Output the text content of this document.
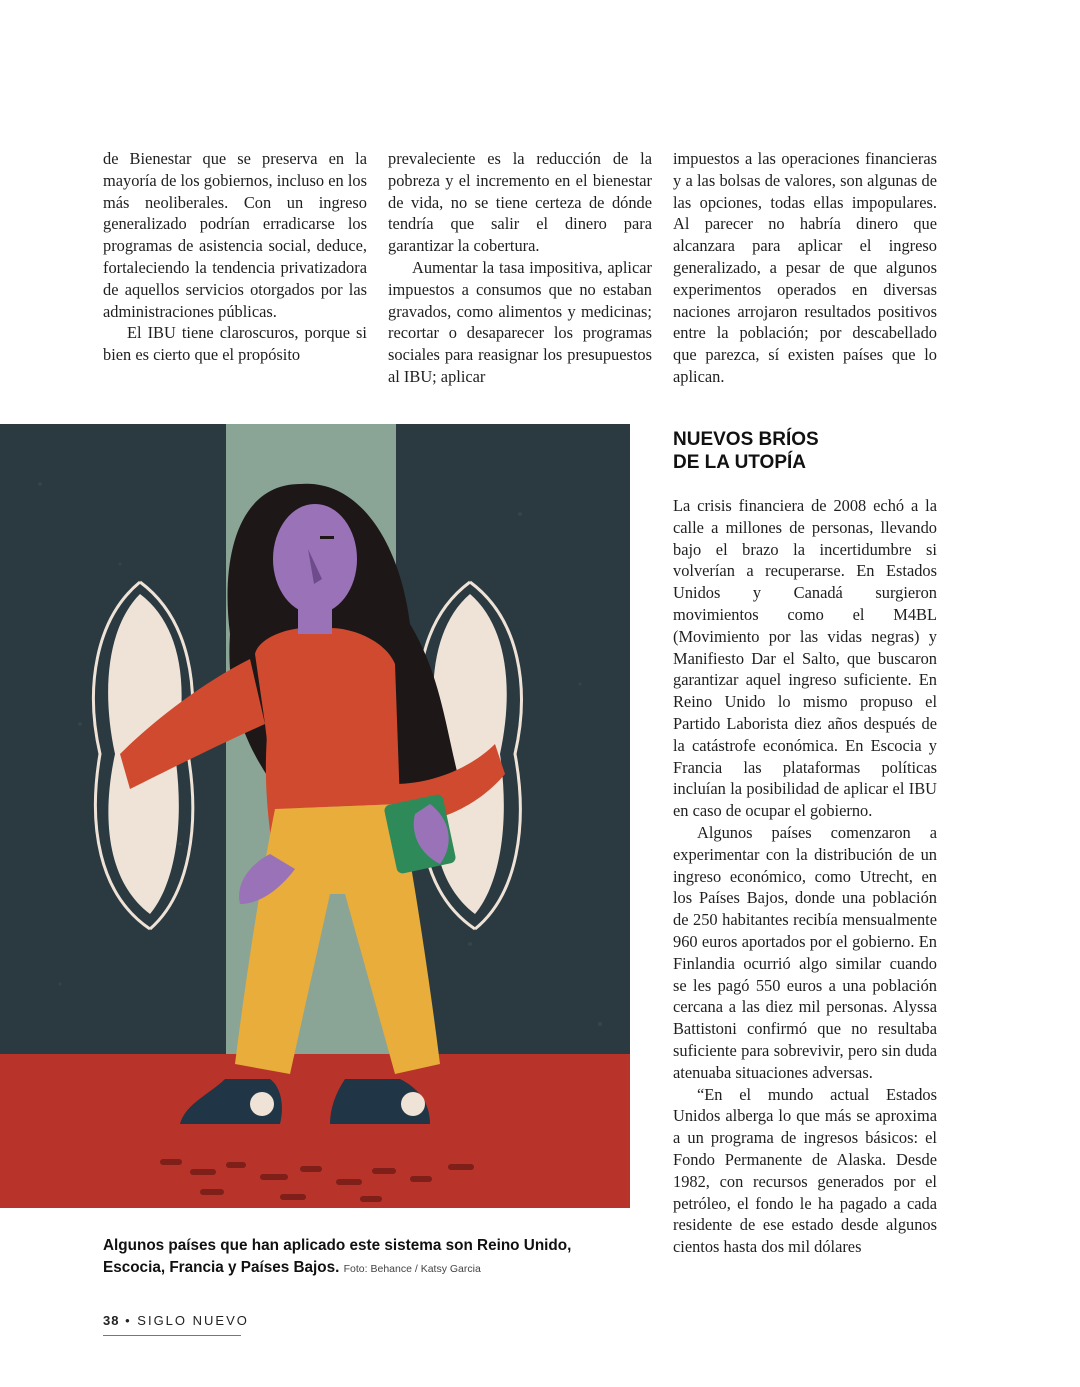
de Bienestar que se preserva en la mayoría de los gobiernos, incluso en los más neoliberales. Con un ingreso generalizado podrían erradicarse los programas de asistencia social, deduce, fortaleciendo la tendencia privatizadora de aquellos servicios otorgados por las administraciones públicas.

El IBU tiene claroscuros, porque si bien es cierto que el propósito

prevaleciente es la reducción de la pobreza y el incremento en el bienestar de vida, no se tiene certeza de dónde tendría que salir el dinero para garantizar la cobertura.

Aumentar la tasa impositiva, aplicar impuestos a consumos que no estaban gravados, como alimentos y medicinas; recortar o desaparecer los programas sociales para reasignar los presupuestos al IBU; aplicar

impuestos a las operaciones financieras y a las bolsas de valores, son algunas de las opciones, todas ellas impopulares. Al parecer no habría dinero que alcanzara para aplicar el ingreso generalizado, a pesar de que algunos experimentos operados en diversas naciones arrojaron resultados positivos entre la población; por descabellado que parezca, sí existen países que lo aplican.

NUEVOS BRÍOS
DE LA UTOPÍA

La crisis financiera de 2008 echó a la calle a millones de personas, llevando bajo el brazo la incertidumbre si volverían a recuperarse. En Estados Unidos y Canadá surgieron movimientos como el M4BL (Movimiento por las vidas negras) y Manifiesto Dar el Salto, que buscaron garantizar aquel ingreso suficiente. En Reino Unido lo mismo propuso el Partido Laborista diez años después de la catástrofe económica. En Escocia y Francia las plataformas políticas incluían la posibilidad de aplicar el IBU en caso de ocupar el gobierno.

Algunos países comenzaron a experimentar con la distribución de un ingreso económico, como Utrecht, en los Países Bajos, donde una población de 250 habitantes recibía mensualmente 960 euros aportados por el gobierno. En Finlandia ocurrió algo similar cuando se les pagó 550 euros a una población cercana a las diez mil personas. Alyssa Battistoni confirmó que no resultaba suficiente para sobrevivir, pero sin duda atenuaba situaciones adversas.

“En el mundo actual Estados Unidos alberga lo que más se aproxima a un programa de ingresos básicos: el Fondo Permanente de Alaska. Desde 1982, con recursos generados por el petróleo, el fondo le ha pagado a cada residente de ese estado desde algunos cientos hasta dos mil dólares

Algunos países que han aplicado este sistema son Reino Unido, Escocia, Francia y Países Bajos. Foto: Behance / Katsy Garcia
38 • SIGLO NUEVO
